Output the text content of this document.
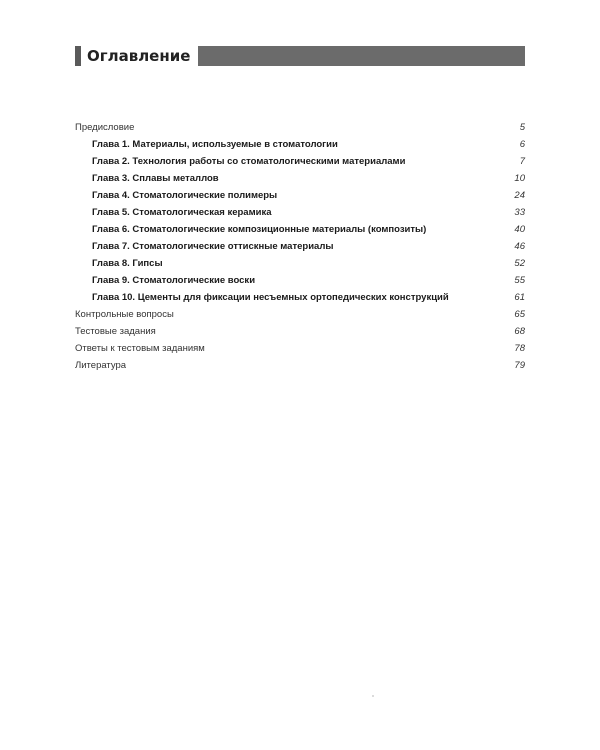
Оглавление
Предисловие	5
Глава 1. Материалы, используемые в стоматологии	6
Глава 2. Технология работы со стоматологическими материалами	7
Глава 3. Сплавы металлов	10
Глава 4. Стоматологические полимеры	24
Глава 5. Стоматологическая керамика	33
Глава 6. Стоматологические композиционные материалы (композиты)	40
Глава 7. Стоматологические оттискные материалы	46
Глава 8. Гипсы	52
Глава 9. Стоматологические воски	55
Глава 10. Цементы для фиксации несъемных ортопедических конструкций	61
Контрольные вопросы	65
Тестовые задания	68
Ответы к тестовым заданиям	78
Литература	79
